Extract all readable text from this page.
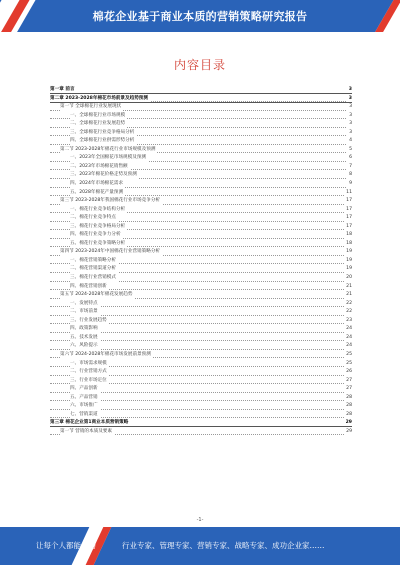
棉花企业基于商业本质的营销策略研究报告
内容目录
第一章 前言	3
第二章 2023-2028年棉花市场前景及趋势预测	3
第一节 全球棉花行业发展现状	3
一、全球棉花行业市场规模	3
二、全球棉花行业发展趋势	3
三、全球棉花行业竞争格局分析	3
四、全球棉花行业供需形势分析	4
第二节 2023-2028年棉花行业市场规模及预测	5
一、2023年全国棉花市场规模及预测	6
二、2023年市场棉花销售额	7
三、2023年棉花价格走势及预测	8
四、2024年市场棉花需求	9
五、2028年棉花产量预测	11
第三节 2023-2028年我国棉花行业市场竞争分析	17
一、棉花行业竞争结构分析	17
二、棉花行业竞争特点	17
三、棉花行业竞争格局分析	17
四、棉花行业竞争力分析	18
五、棉花行业竞争策略分析	18
第四节 2023-2024年中国棉花行业营销策略分析	19
一、棉花营销策略分析	19
二、棉花营销渠道分析	19
三、棉花行业营销模式	20
四、棉花营销创新	21
第五节 2024-2028年棉花发展趋势	21
一、发展特点	22
二、市场前景	22
三、行业发展趋势	23
四、政策影响	24
五、技术发展	24
六、风险提示	24
第六节 2024-2028年棉花市场发展前景预测	25
一、市场需求规模	25
二、行业营销方式	26
三、行业市场定位	27
四、产品创新	27
五、产品营销	28
六、市场推广	28
七、营销渠道	28
第三章 棉花企业第1商业本质营销策略	29
第一节 营销的本质及要素	29
-1-
让每个人都能成为	行业专家、管理专家、营销专家、战略专家、成功企业家……
